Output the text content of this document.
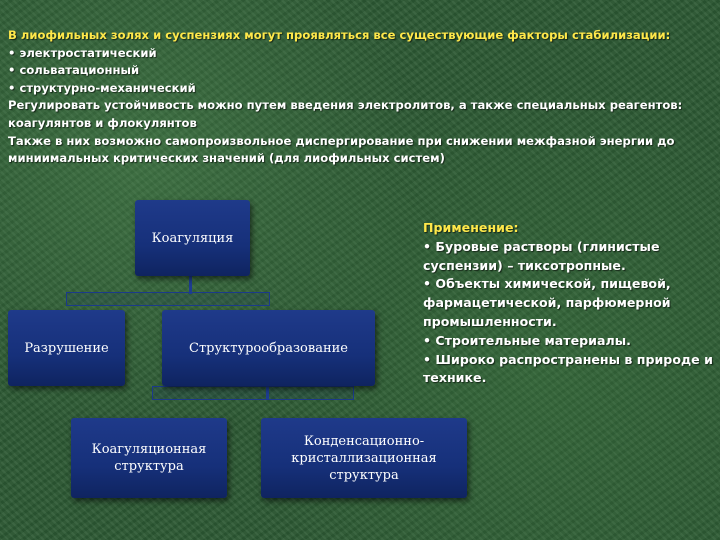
В лиофильных золях и суспензиях могут проявляться все существующие факторы стабилизации:
• электростатический
• сольватационный
• структурно-механический
Регулировать устойчивость можно путем введения электролитов, а также специальных реагентов: коагулянтов и флокулянтов
Также в них возможно самопроизвольное диспергирование при снижении межфазной энергии до миниимальных критических значений (для лиофильных систем)
Коагуляция
Разрушение	Структурообразование
Коагуляционная
структура
Конденсационно-
кристаллизационная
структура
Применение:
• Буровые растворы (глинистые суспензии) – тиксотропные.
• Объекты химической, пищевой, фармацетической, парфюмерной промышленности.
• Строительные материалы.
• Широко распространены в природе и технике.
